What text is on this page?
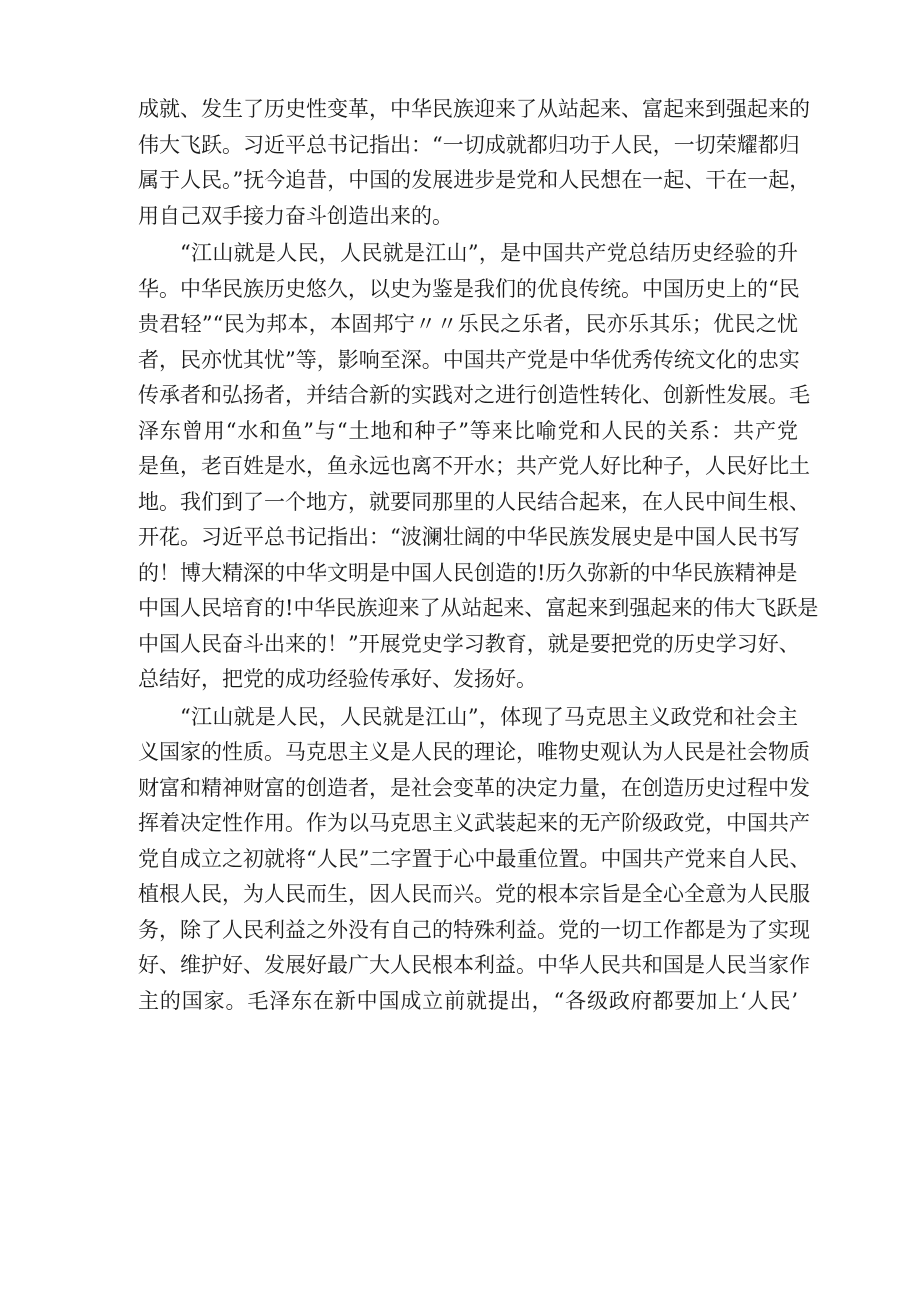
成就、发生了历史性变革，中华民族迎来了从站起来、富起来到强起来的
伟大飞跃。习近平总书记指出：“一切成就都归功于人民，一切荣耀都归
属于人民。”抚今追昔，中国的发展进步是党和人民想在一起、干在一起，
用自己双手接力奋斗创造出来的。

“江山就是人民，人民就是江山”，是中国共产党总结历史经验的升
华。中华民族历史悠久，以史为鉴是我们的优良传统。中国历史上的“民
贵君轻”“民为邦本，本固邦宁〃〃乐民之乐者，民亦乐其乐；优民之忧
者，民亦忧其忧”等，影响至深。中国共产党是中华优秀传统文化的忠实
传承者和弘扬者，并结合新的实践对之进行创造性转化、创新性发展。毛
泽东曾用“水和鱼”与“土地和种子”等来比喻党和人民的关系：共产党
是鱼，老百姓是水，鱼永远也离不开水；共产党人好比种子，人民好比土
地。我们到了一个地方，就要同那里的人民结合起来，在人民中间生根、
开花。习近平总书记指出：“波澜壮阔的中华民族发展史是中国人民书写
的！博大精深的中华文明是中国人民创造的!历久弥新的中华民族精神是
中国人民培育的!中华民族迎来了从站起来、富起来到强起来的伟大飞跃是
中国人民奋斗出来的！”开展党史学习教育，就是要把党的历史学习好、
总结好，把党的成功经验传承好、发扬好。

“江山就是人民，人民就是江山”，体现了马克思主义政党和社会主
义国家的性质。马克思主义是人民的理论，唯物史观认为人民是社会物质
财富和精神财富的创造者，是社会变革的决定力量，在创造历史过程中发
挥着决定性作用。作为以马克思主义武装起来的无产阶级政党，中国共产
党自成立之初就将“人民”二字置于心中最重位置。中国共产党来自人民、
植根人民，为人民而生，因人民而兴。党的根本宗旨是全心全意为人民服
务，除了人民利益之外没有自己的特殊利益。党的一切工作都是为了实现
好、维护好、发展好最广大人民根本利益。中华人民共和国是人民当家作
主的国家。毛泽东在新中国成立前就提出，“各级政府都要加上‘人民’
